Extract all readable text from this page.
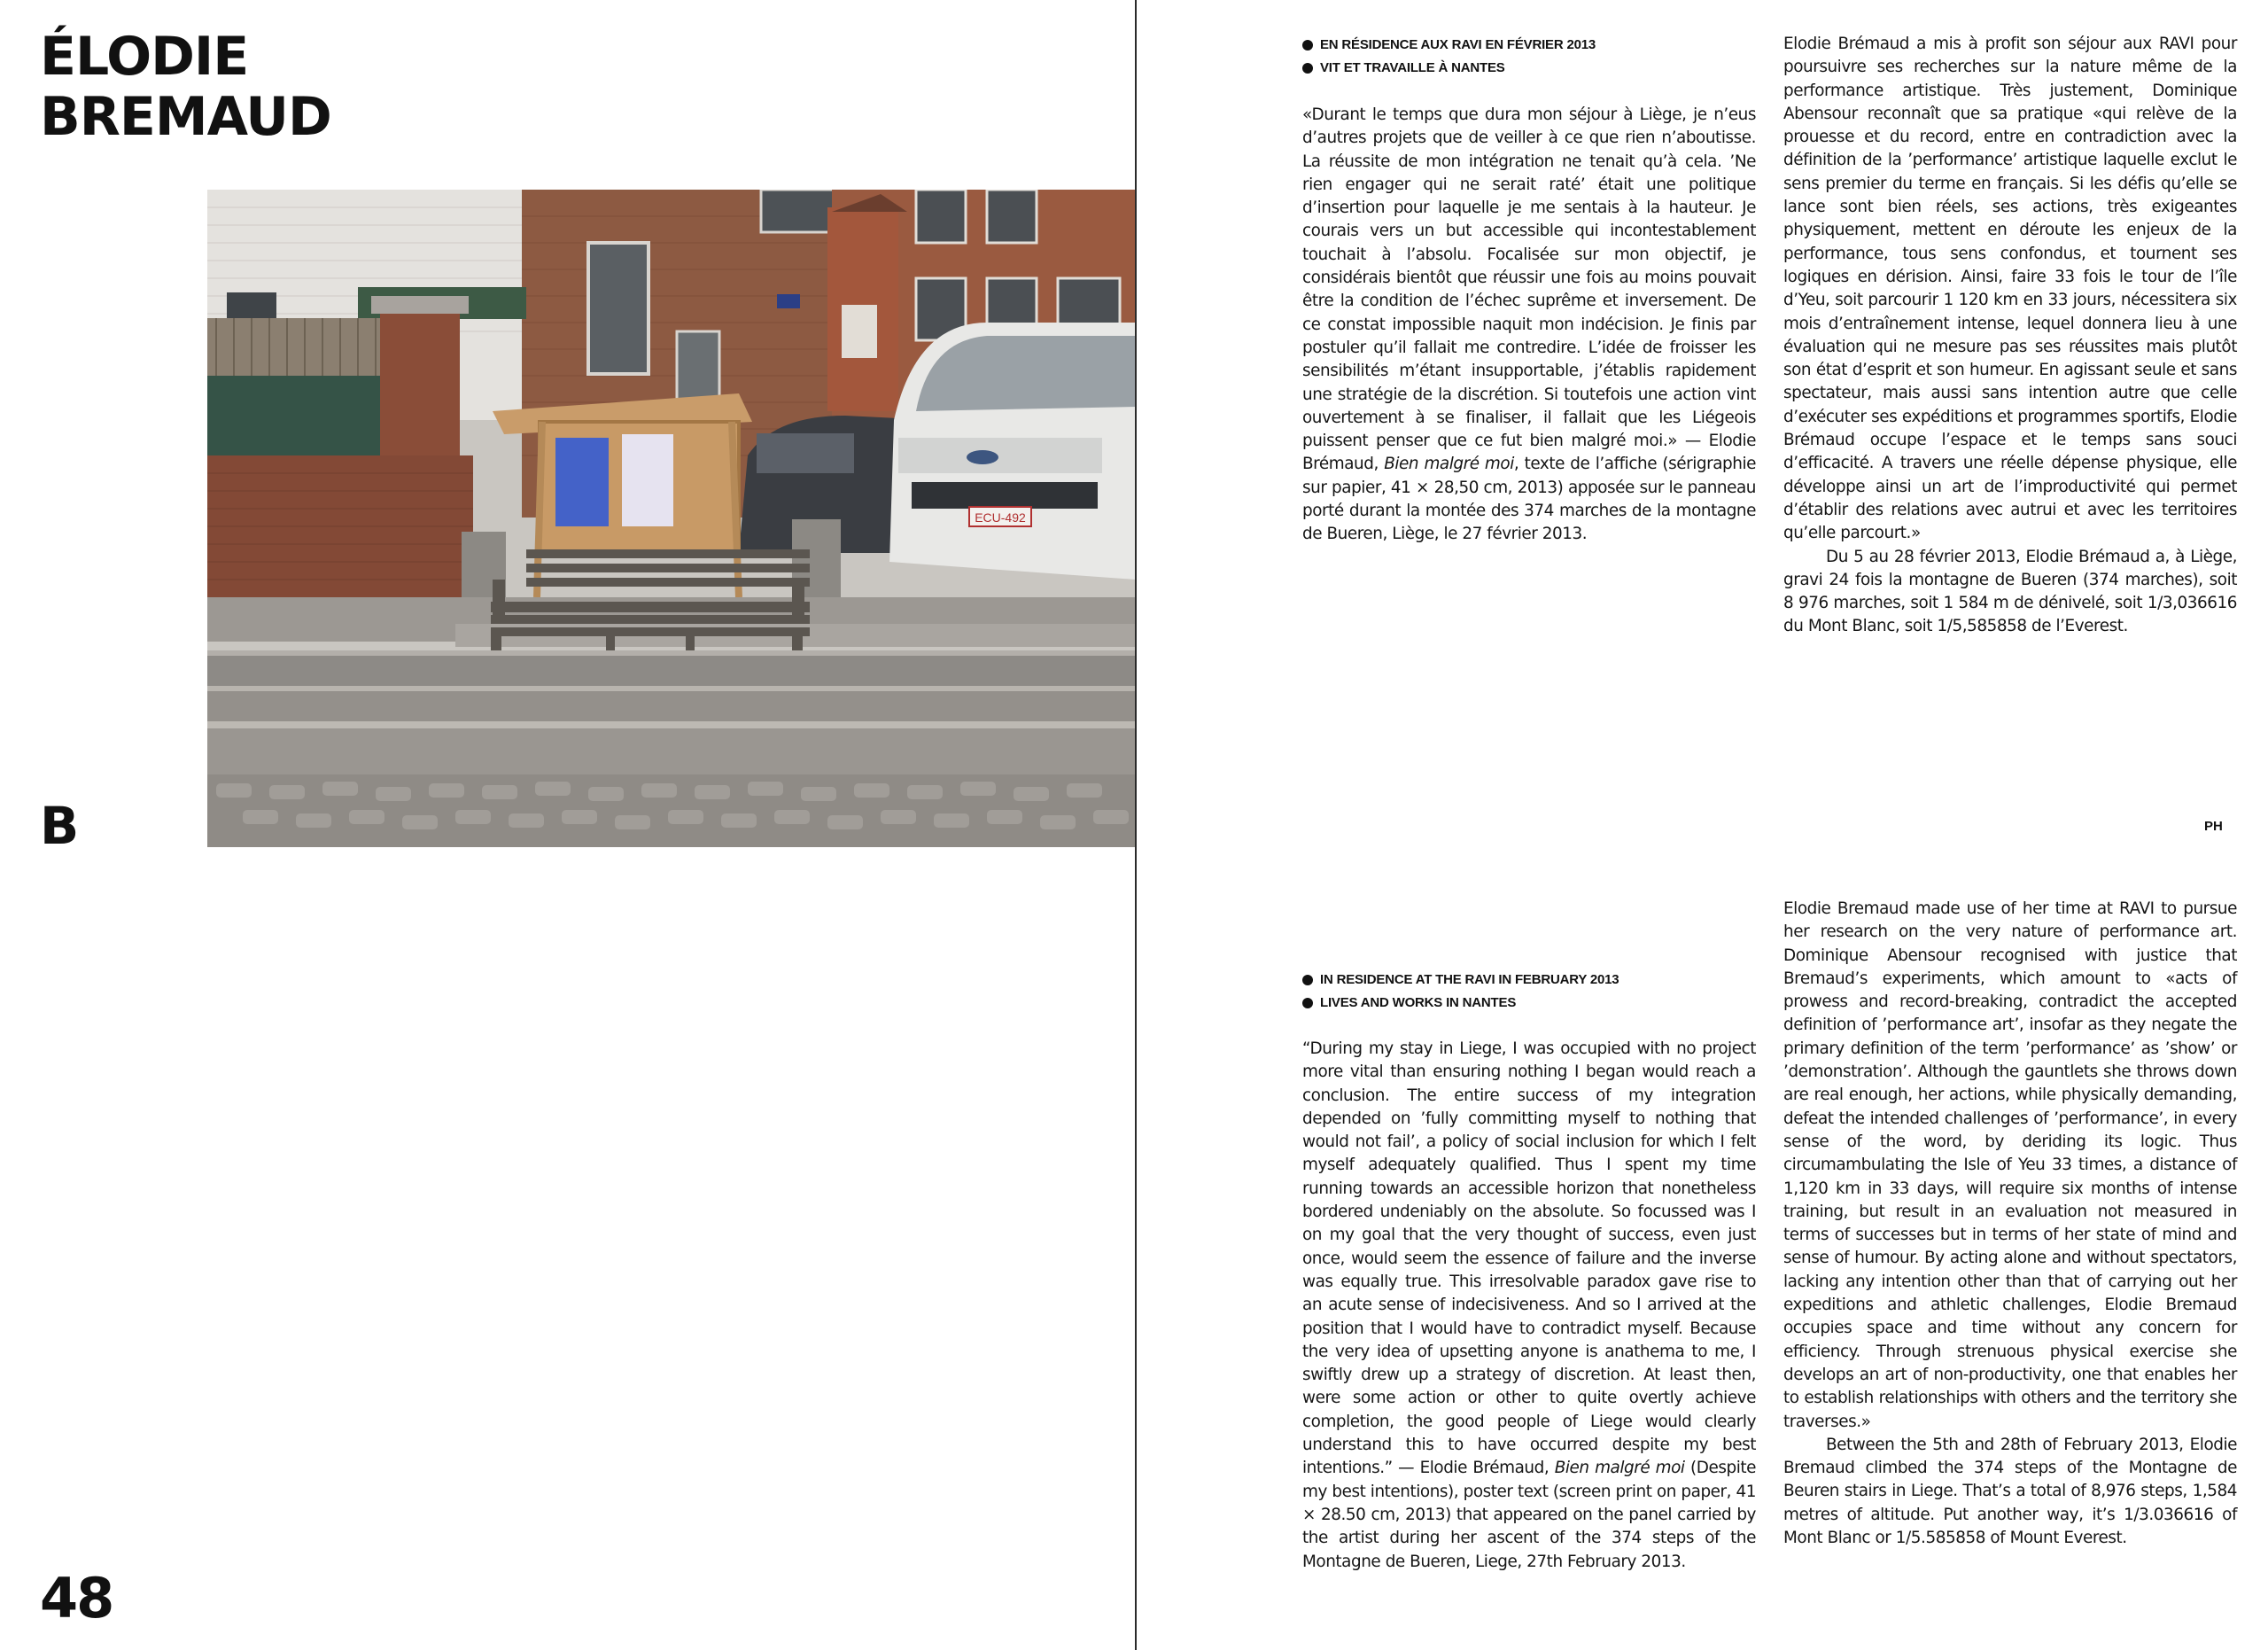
ÉLODIE
BREMAUD
ECU-492
B
48
EN RÉSIDENCE AUX RAVI EN FÉVRIER 2013
VIT ET TRAVAILLE À NANTES

«Durant le temps que dura mon séjour à Liège, je n’eus d’autres projets que de veiller à ce que rien n’aboutisse. La réussite de mon intégration ne tenait qu’à cela. ’Ne rien engager qui ne serait raté’ était une politique d’insertion pour laquelle je me sentais à la hauteur. Je courais vers un but accessible qui incontestablement touchait à l’absolu. Focalisée sur mon objectif, je considérais bientôt que réussir une fois au moins pouvait être la condition de l’échec suprême et inversement. De ce constat impossible naquit mon indécision. Je finis par postuler qu’il fallait me contredire. L’idée de froisser les sensibilités m’étant insupportable, j’établis rapidement une stratégie de la discrétion. Si toutefois une action vint ouvertement à se finaliser, il fallait que les Liégeois puissent penser que ce fut bien malgré moi.» — Elodie Brémaud, Bien malgré moi, texte de l’affiche (sérigraphie sur papier, 41 × 28,50 cm, 2013) apposée sur le panneau porté durant la montée des 374 marches de la montagne de Bueren, Liège, le 27 février 2013.

Elodie Brémaud a mis à profit son séjour aux RAVI pour poursuivre ses recherches sur la nature même de la performance artistique. Très justement, Dominique Abensour reconnaît que sa pratique «qui relève de la prouesse et du record, entre en contradiction avec la définition de la ’performance’ artistique laquelle exclut le sens premier du terme en français. Si les défis qu’elle se lance sont bien réels, ses actions, très exigeantes physiquement, mettent en déroute les enjeux de la performance, tous sens confondus, et tournent ses logiques en dérision. Ainsi, faire 33 fois le tour de l’île d’Yeu, soit parcourir 1 120 km en 33 jours, nécessitera six mois d’entraînement intense, lequel donnera lieu à une évaluation qui ne mesure pas ses réussites mais plutôt son état d’esprit et son humeur. En agissant seule et sans spectateur, mais aussi sans intention autre que celle d’exécuter ses expéditions et programmes sportifs, Elodie Brémaud occupe l’espace et le temps sans souci d’efficacité. A travers une réelle dépense physique, elle développe ainsi un art de l’improductivité qui permet d’établir des relations avec autrui et avec les territoires qu’elle parcourt.»

Du 5 au 28 février 2013, Elodie Brémaud a, à Liège, gravi 24 fois la montagne de Bueren (374 marches), soit 8 976 marches, soit 1 584 m de dénivelé, soit 1/3,036616 du Mont Blanc, soit 1/5,585858 de l’Everest.

PH

IN RESIDENCE AT THE RAVI IN FEBRUARY 2013
LIVES AND WORKS IN NANTES

“During my stay in Liege, I was occupied with no project more vital than ensuring nothing I began would reach a conclusion. The entire success of my integration depended on ’fully committing myself to nothing that would not fail’, a policy of social inclusion for which I felt myself adequately qualified. Thus I spent my time running towards an accessible horizon that nonetheless bordered undeniably on the absolute. So focussed was I on my goal that the very thought of success, even just once, would seem the essence of failure and the inverse was equally true. This irresolvable paradox gave rise to an acute sense of indecisiveness. And so I arrived at the position that I would have to contradict myself. Because the very idea of upsetting anyone is anathema to me, I swiftly drew up a strategy of discretion. At least then, were some action or other to quite overtly achieve completion, the good people of Liege would clearly understand this to have occurred despite my best intentions.” — Elodie Brémaud, Bien malgré moi (Despite my best intentions), poster text (screen print on paper, 41 × 28.50 cm, 2013) that appeared on the panel carried by the artist during her ascent of the 374 steps of the Montagne de Bueren, Liege, 27th February 2013.

Elodie Bremaud made use of her time at RAVI to pursue her research on the very nature of performance art. Dominique Abensour recognised with justice that Bremaud’s experiments, which amount to «acts of prowess and record-breaking, contradict the accepted definition of ’performance art’, insofar as they negate the primary definition of the term ’performance’ as ’show’ or ’demonstration’. Although the gauntlets she throws down are real enough, her actions, while physically demanding, defeat the intended challenges of ’performance’, in every sense of the word, by deriding its logic. Thus circumambulating the Isle of Yeu 33 times, a distance of 1,120 km in 33 days, will require six months of intense training, but result in an evaluation not measured in terms of successes but in terms of her state of mind and sense of humour. By acting alone and without spectators, lacking any intention other than that of carrying out her expeditions and athletic challenges, Elodie Bremaud occupies space and time without any concern for efficiency. Through strenuous physical exercise she develops an art of non-productivity, one that enables her to establish relationships with others and the territory she traverses.»

Between the 5th and 28th of February 2013, Elodie Bremaud climbed the 374 steps of the Montagne de Beuren stairs in Liege. That’s a total of 8,976 steps, 1,584 metres of altitude. Put another way, it’s 1/3.036616 of Mont Blanc or 1/5.585858 of Mount Everest.
